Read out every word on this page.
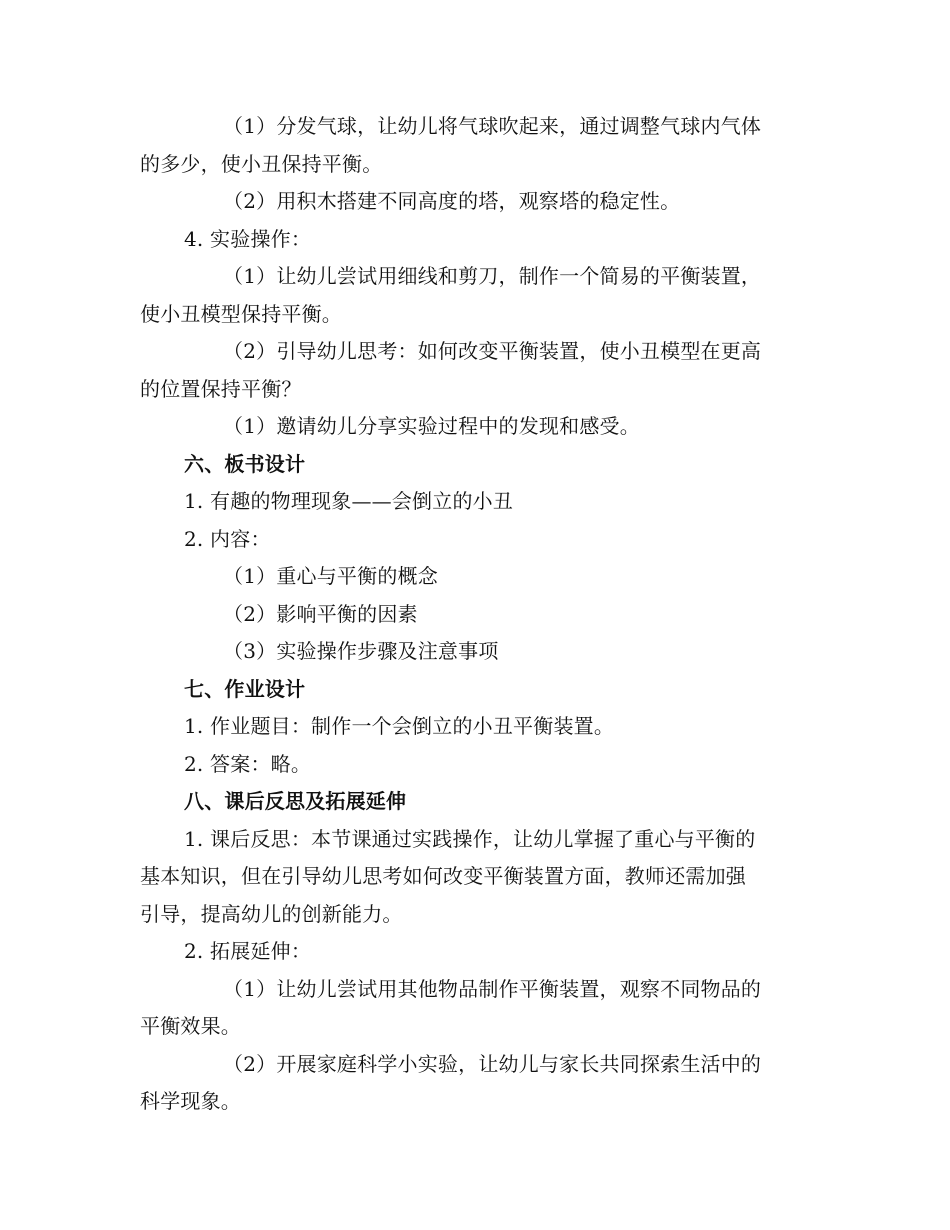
（1）分发气球，让幼儿将气球吹起来，通过调整气球内气体
的多少，使小丑保持平衡。
（2）用积木搭建不同高度的塔，观察塔的稳定性。
4. 实验操作：
（1）让幼儿尝试用细线和剪刀，制作一个简易的平衡装置，
使小丑模型保持平衡。
（2）引导幼儿思考：如何改变平衡装置，使小丑模型在更高
的位置保持平衡？
（1）邀请幼儿分享实验过程中的发现和感受。
六、板书设计
1. 有趣的物理现象——会倒立的小丑
2. 内容：
（1）重心与平衡的概念
（2）影响平衡的因素
（3）实验操作步骤及注意事项
七、作业设计
1. 作业题目：制作一个会倒立的小丑平衡装置。
2. 答案：略。
八、课后反思及拓展延伸
1. 课后反思：本节课通过实践操作，让幼儿掌握了重心与平衡的
基本知识，但在引导幼儿思考如何改变平衡装置方面，教师还需加强
引导，提高幼儿的创新能力。
2. 拓展延伸：
（1）让幼儿尝试用其他物品制作平衡装置，观察不同物品的
平衡效果。
（2）开展家庭科学小实验，让幼儿与家长共同探索生活中的
科学现象。
